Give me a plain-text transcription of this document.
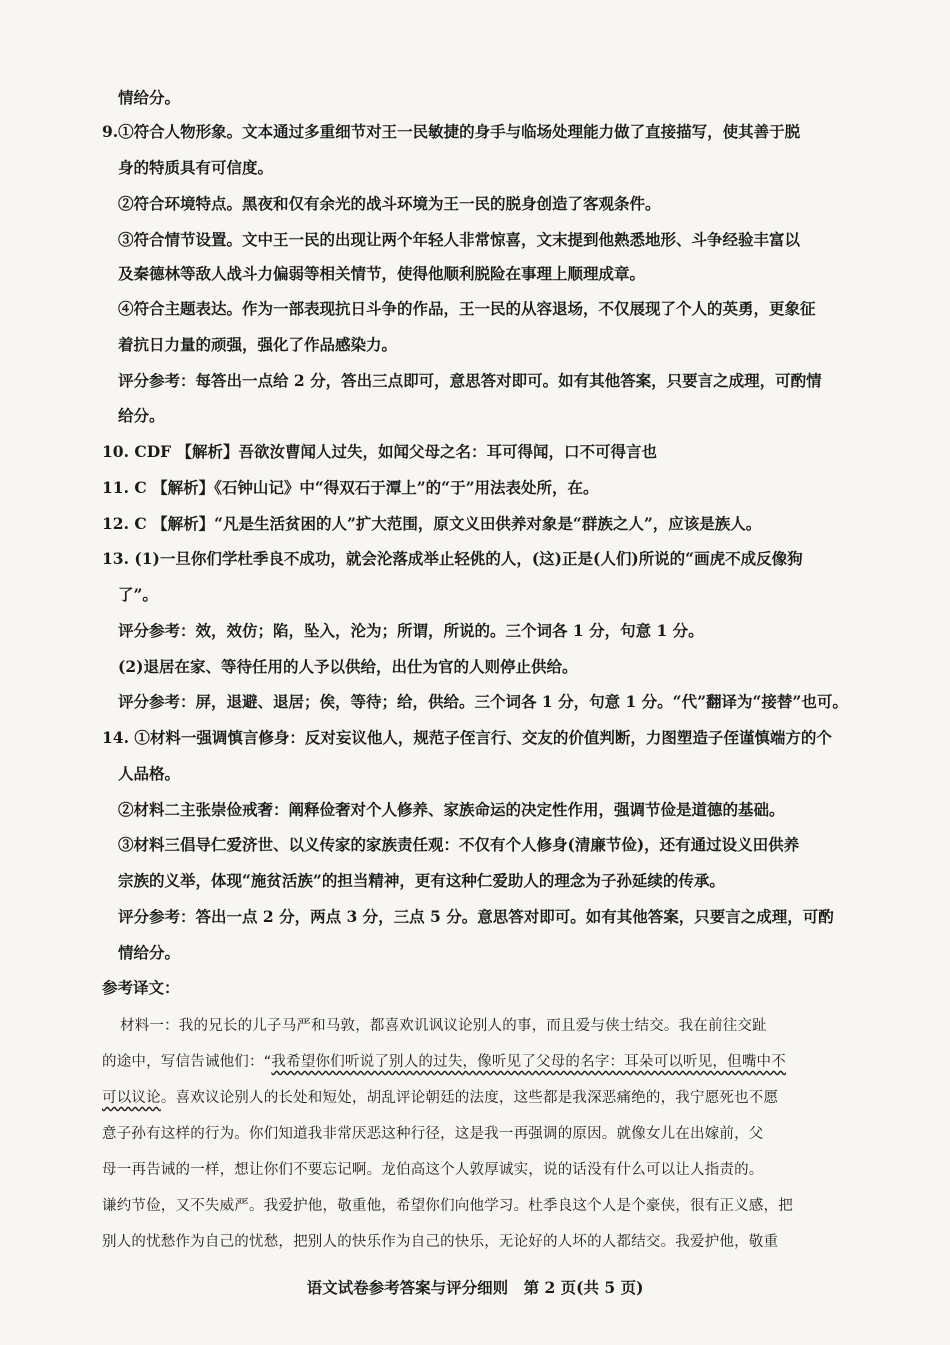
情给分。
9.①符合人物形象。文本通过多重细节对王一民敏捷的身手与临场处理能力做了直接描写，使其善于脱
身的特质具有可信度。
②符合环境特点。黑夜和仅有余光的战斗环境为王一民的脱身创造了客观条件。
③符合情节设置。文中王一民的出现让两个年轻人非常惊喜，文末提到他熟悉地形、斗争经验丰富以
及秦德林等敌人战斗力偏弱等相关情节，使得他顺利脱险在事理上顺理成章。
④符合主题表达。作为一部表现抗日斗争的作品，王一民的从容退场，不仅展现了个人的英勇，更象征
着抗日力量的顽强，强化了作品感染力。
评分参考：每答出一点给 2 分，答出三点即可，意思答对即可。如有其他答案，只要言之成理，可酌情
给分。
10. CDF 【解析】吾欲汝曹闻人过失，如闻父母之名：耳可得闻，口不可得言也
11. C 【解析】《石钟山记》中“得双石于潭上”的“于”用法表处所，在。
12. C 【解析】“凡是生活贫困的人”扩大范围，原文义田供养对象是“群族之人”，应该是族人。
13. (1)一旦你们学杜季良不成功，就会沦落成举止轻佻的人，(这)正是(人们)所说的“画虎不成反像狗
了”。
评分参考：效，效仿；陷，坠入，沦为；所谓，所说的。三个词各 1 分，句意 1 分。
(2)退居在家、等待任用的人予以供给，出仕为官的人则停止供给。
评分参考：屏，退避、退居；俟，等待；给，供给。三个词各 1 分，句意 1 分。“代”翻译为“接替”也可。
14. ①材料一强调慎言修身：反对妄议他人，规范子侄言行、交友的价值判断，力图塑造子侄谨慎端方的个
人品格。
②材料二主张崇俭戒奢：阐释俭奢对个人修养、家族命运的决定性作用，强调节俭是道德的基础。
③材料三倡导仁爱济世、以义传家的家族责任观：不仅有个人修身(清廉节俭)，还有通过设义田供养
宗族的义举，体现“施贫活族”的担当精神，更有这种仁爱助人的理念为子孙延续的传承。
评分参考：答出一点 2 分，两点 3 分，三点 5 分。意思答对即可。如有其他答案，只要言之成理，可酌
情给分。
参考译文：
材料一：我的兄长的儿子马严和马敦，都喜欢讥讽议论别人的事，而且爱与侠士结交。我在前往交趾
的途中，写信告诫他们：“我希望你们听说了别人的过失，像听见了父母的名字：耳朵可以听见，但嘴中不
可以议论。喜欢议论别人的长处和短处，胡乱评论朝廷的法度，这些都是我深恶痛绝的，我宁愿死也不愿
意子孙有这样的行为。你们知道我非常厌恶这种行径，这是我一再强调的原因。就像女儿在出嫁前，父
母一再告诫的一样，想让你们不要忘记啊。龙伯高这个人敦厚诚实，说的话没有什么可以让人指责的。
谦约节俭，又不失威严。我爱护他，敬重他，希望你们向他学习。杜季良这个人是个豪侠，很有正义感，把
别人的忧愁作为自己的忧愁，把别人的快乐作为自己的快乐，无论好的人坏的人都结交。我爱护他，敬重
语文试卷参考答案与评分细则　第 2 页(共 5 页)
